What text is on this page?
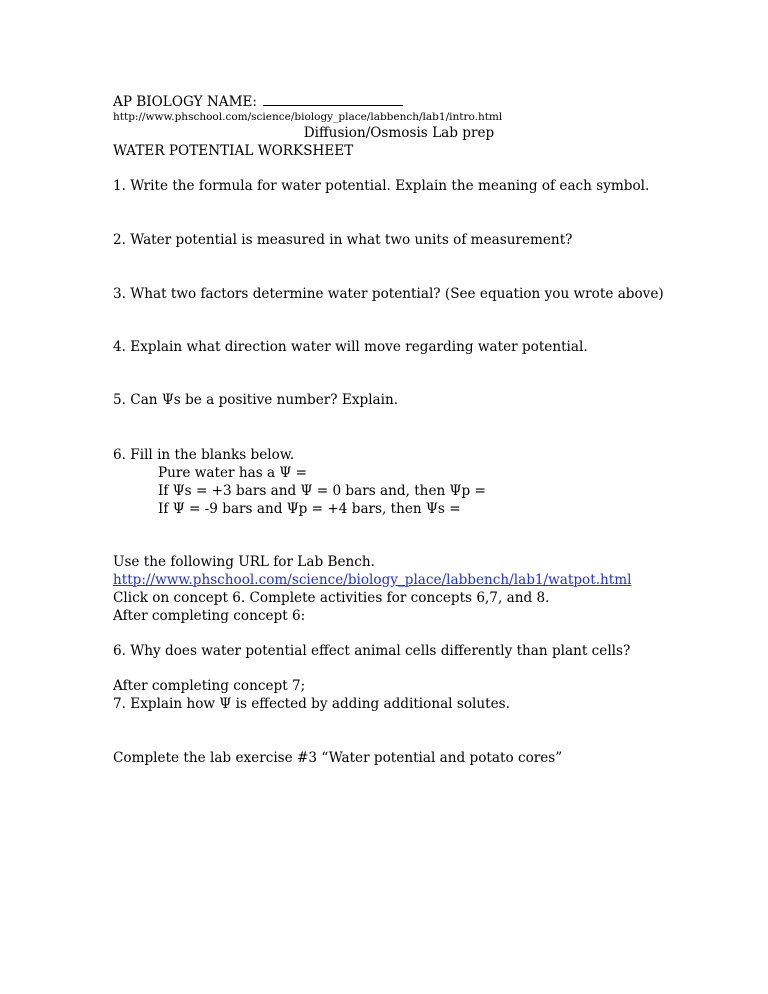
AP BIOLOGY NAME:
http://www.phschool.com/science/biology_place/labbench/lab1/intro.html
Diffusion/Osmosis Lab prep
WATER POTENTIAL WORKSHEET
1. Write the formula for water potential. Explain the meaning of each symbol.
2. Water potential is measured in what two units of measurement?
3. What two factors determine water potential? (See equation you wrote above)
4. Explain what direction water will move regarding water potential.
5. Can Ψs be a positive number? Explain.
6. Fill in the blanks below.
Pure water has a Ψ =
If Ψs = +3 bars and Ψ = 0 bars and, then Ψp =
If Ψ = -9 bars and Ψp = +4 bars, then Ψs =
Use the following URL for Lab Bench.
http://www.phschool.com/science/biology_place/labbench/lab1/watpot.html
Click on concept 6. Complete activities for concepts 6,7, and 8.
After completing concept 6:
6. Why does water potential effect animal cells differently than plant cells?
After completing concept 7;
7. Explain how Ψ is effected by adding additional solutes.
Complete the lab exercise #3 “Water potential and potato cores”
